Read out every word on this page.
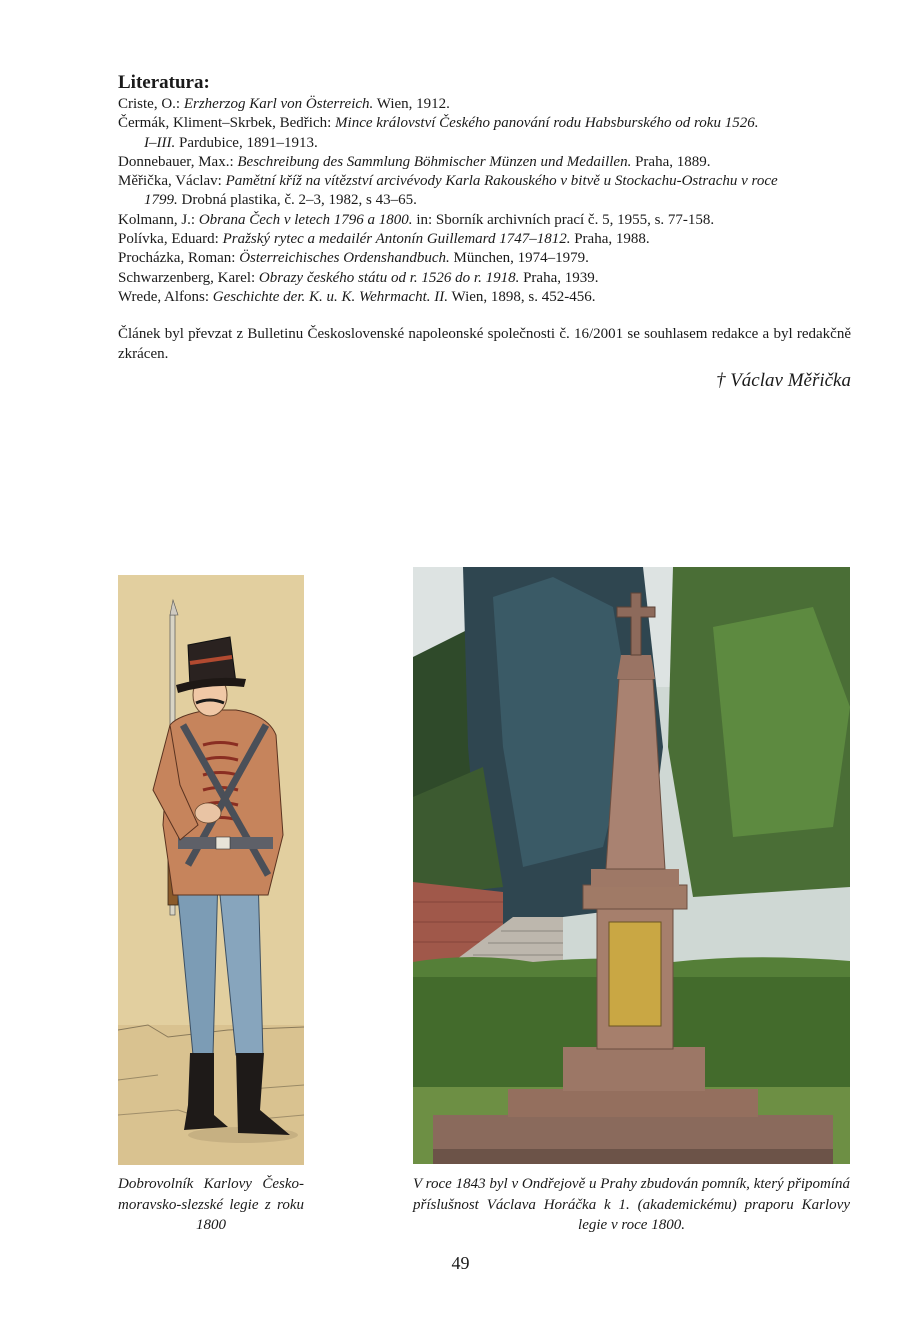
Literatura:

Criste, O.: Erzherzog Karl von Österreich. Wien, 1912.

Čermák, Kliment–Skrbek, Bedřich: Mince království Českého panování rodu Habsburského od roku 1526.
I–III. Pardubice, 1891–1913.

Donnebauer, Max.: Beschreibung des Sammlung Böhmischer Münzen und Medaillen. Praha, 1889.

Měřička, Václav: Pamětní kříž na vítězství arcivévody Karla Rakouského v bitvě u Stockachu-Ostrachu v roce
1799. Drobná plastika, č. 2–3, 1982, s 43–65.

Kolmann, J.: Obrana Čech v letech 1796 a 1800. in: Sborník archivních prací č. 5, 1955, s. 77-158.

Polívka, Eduard: Pražský rytec a medailér Antonín Guillemard 1747–1812. Praha, 1988.

Procházka, Roman: Österreichisches Ordenshandbuch. München, 1974–1979.

Schwarzenberg, Karel: Obrazy českého státu od r. 1526 do r. 1918. Praha, 1939.

Wrede, Alfons: Geschichte der. K. u. K. Wehrmacht. II. Wien, 1898, s. 452-456.

Článek byl převzat z Bulletinu Československé napoleonské společnosti č. 16/2001 se souhlasem redakce a byl redakčně zkrácen.

† Václav Měřička

Dobrovolník Karlovy Česko-moravsko-slezské legie z roku 1800

V roce 1843 byl v Ondřejově u Prahy zbudován pomník, který připomíná příslušnost Václava Horáčka k 1. (akademickému) praporu Karlovy legie v roce 1800.

49
